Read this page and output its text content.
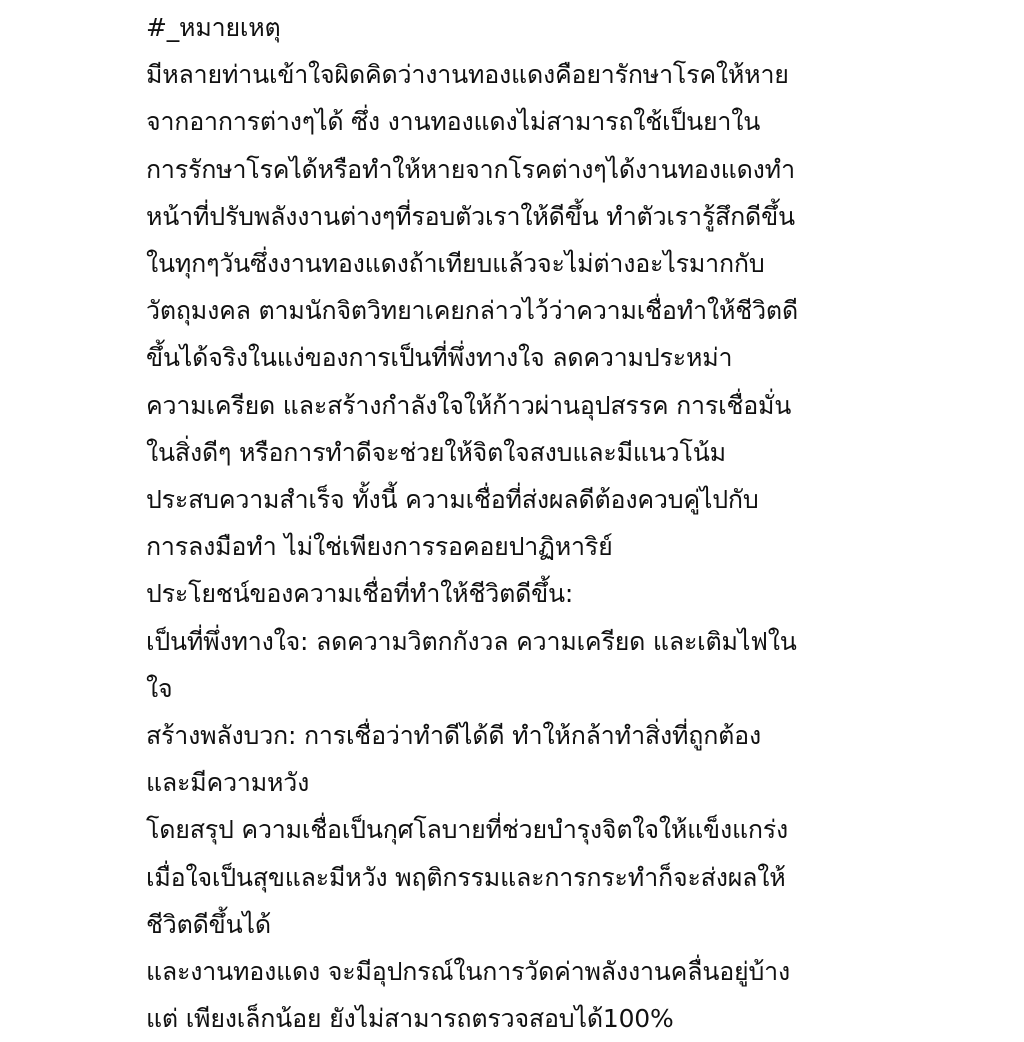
#_หมายเหตุ
มีหลายท่านเข้าใจผิดคิดว่างานทองแดงคือยารักษาโรคให้หาย
จากอาการต่างๆได้ ซึ่ง งานทองแดงไม่สามารถใช้เป็นยาใน
การรักษาโรคได้หรือทำให้หายจากโรคต่างๆได้งานทองแดงทำ
หน้าที่ปรับพลังงานต่างๆที่รอบตัวเราให้ดีขึ้น ทำตัวเรารู้สึกดีขึ้น
ในทุกๆวันซึ่งงานทองแดงถ้าเทียบแล้วจะไม่ต่างอะไรมากกับ
วัตถุมงคล ตามนักจิตวิทยาเคยกล่าวไว้ว่าความเชื่อทำให้ชีวิตดี
ขึ้นได้จริงในแง่ของการเป็นที่พึ่งทางใจ ลดความประหม่า
ความเครียด และสร้างกำลังใจให้ก้าวผ่านอุปสรรค การเชื่อมั่น
ในสิ่งดีๆ หรือการทำดีจะช่วยให้จิตใจสงบและมีแนวโน้ม
ประสบความสำเร็จ ทั้งนี้ ความเชื่อที่ส่งผลดีต้องควบคู่ไปกับ
การลงมือทำ ไม่ใช่เพียงการรอคอยปาฏิหาริย์
ประโยชน์ของความเชื่อที่ทำให้ชีวิตดีขึ้น:
เป็นที่พึ่งทางใจ: ลดความวิตกกังวล ความเครียด และเติมไฟใน
ใจ
สร้างพลังบวก: การเชื่อว่าทำดีได้ดี ทำให้กล้าทำสิ่งที่ถูกต้อง
และมีความหวัง
โดยสรุป ความเชื่อเป็นกุศโลบายที่ช่วยบำรุงจิตใจให้แข็งแกร่ง
เมื่อใจเป็นสุขและมีหวัง พฤติกรรมและการกระทำก็จะส่งผลให้
ชีวิตดีขึ้นได้
และงานทองแดง จะมีอุปกรณ์ในการวัดค่าพลังงานคลื่นอยู่บ้าง
แต่ เพียงเล็กน้อย ยังไม่สามารถตรวจสอบได้100%
